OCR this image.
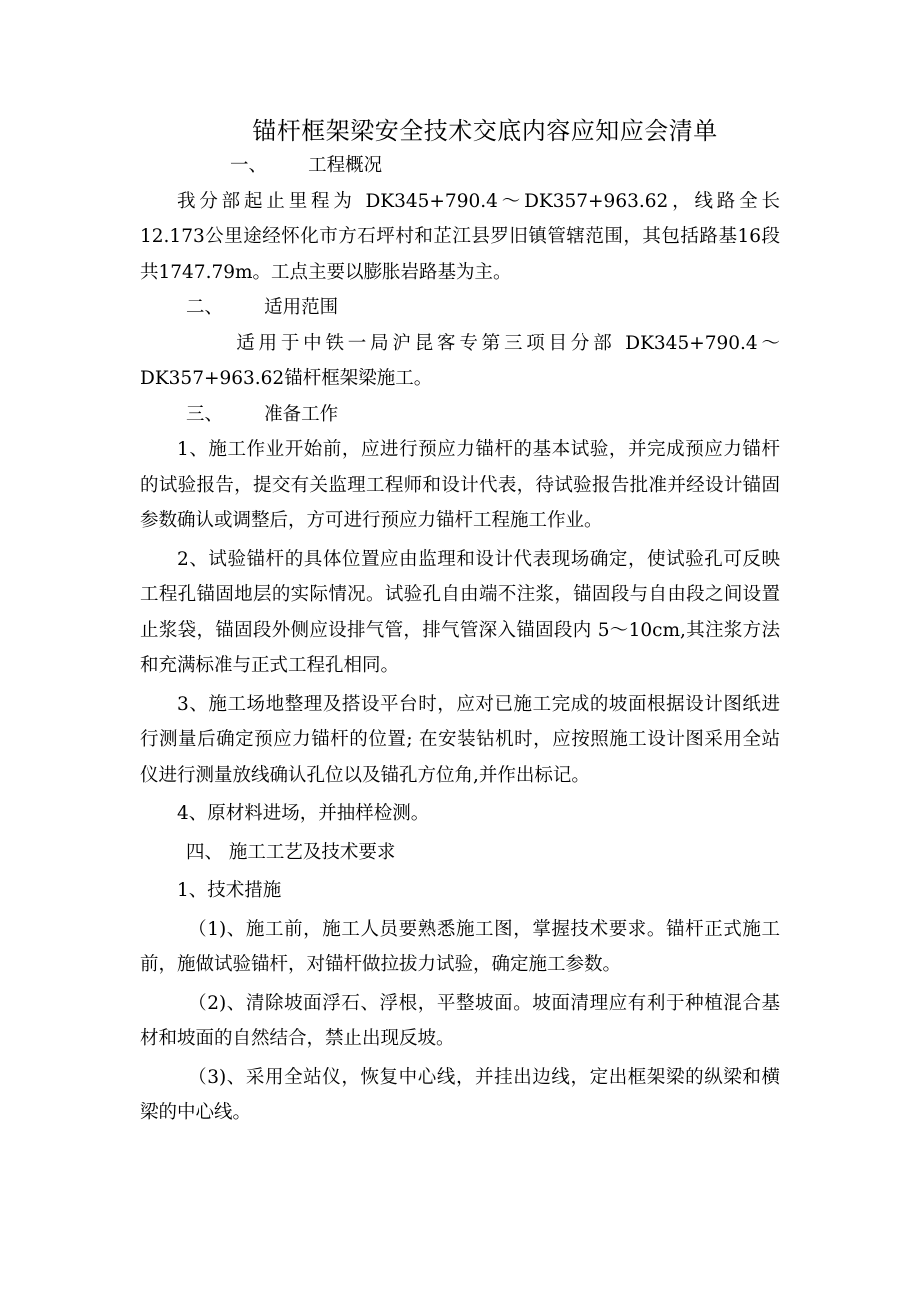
锚杆框架梁安全技术交底内容应知应会清单

一、       工程概况

我分部起止里程为 DK345+790.4～DK357+963.62，线路全长12.173公里途经怀化市方石坪村和芷江县罗旧镇管辖范围，其包括路基16段共1747.79m。工点主要以膨胀岩路基为主。

二、       适用范围

适用于中铁一局沪昆客专第三项目分部 DK345+790.4～DK357+963.62锚杆框架梁施工。

三、       准备工作

1、施工作业开始前，应进行预应力锚杆的基本试验，并完成预应力锚杆的试验报告，提交有关监理工程师和设计代表，待试验报告批准并经设计锚固参数确认或调整后，方可进行预应力锚杆工程施工作业。

2、试验锚杆的具体位置应由监理和设计代表现场确定，使试验孔可反映工程孔锚固地层的实际情况。试验孔自由端不注浆，锚固段与自由段之间设置止浆袋，锚固段外侧应设排气管，排气管深入锚固段内 5～10cm,其注浆方法和充满标准与正式工程孔相同。

3、施工场地整理及搭设平台时，应对已施工完成的坡面根据设计图纸进行测量后确定预应力锚杆的位置; 在安装钻机时，应按照施工设计图采用全站仪进行测量放线确认孔位以及锚孔方位角,并作出标记。

4、原材料进场，并抽样检测。

四、 施工工艺及技术要求

1、技术措施

（1)、施工前，施工人员要熟悉施工图，掌握技术要求。锚杆正式施工前，施做试验锚杆，对锚杆做拉拔力试验，确定施工参数。

（2)、清除坡面浮石、浮根，平整坡面。坡面清理应有利于种植混合基材和坡面的自然结合，禁止出现反坡。

（3)、采用全站仪，恢复中心线，并挂出边线，定出框架梁的纵梁和横梁的中心线。
